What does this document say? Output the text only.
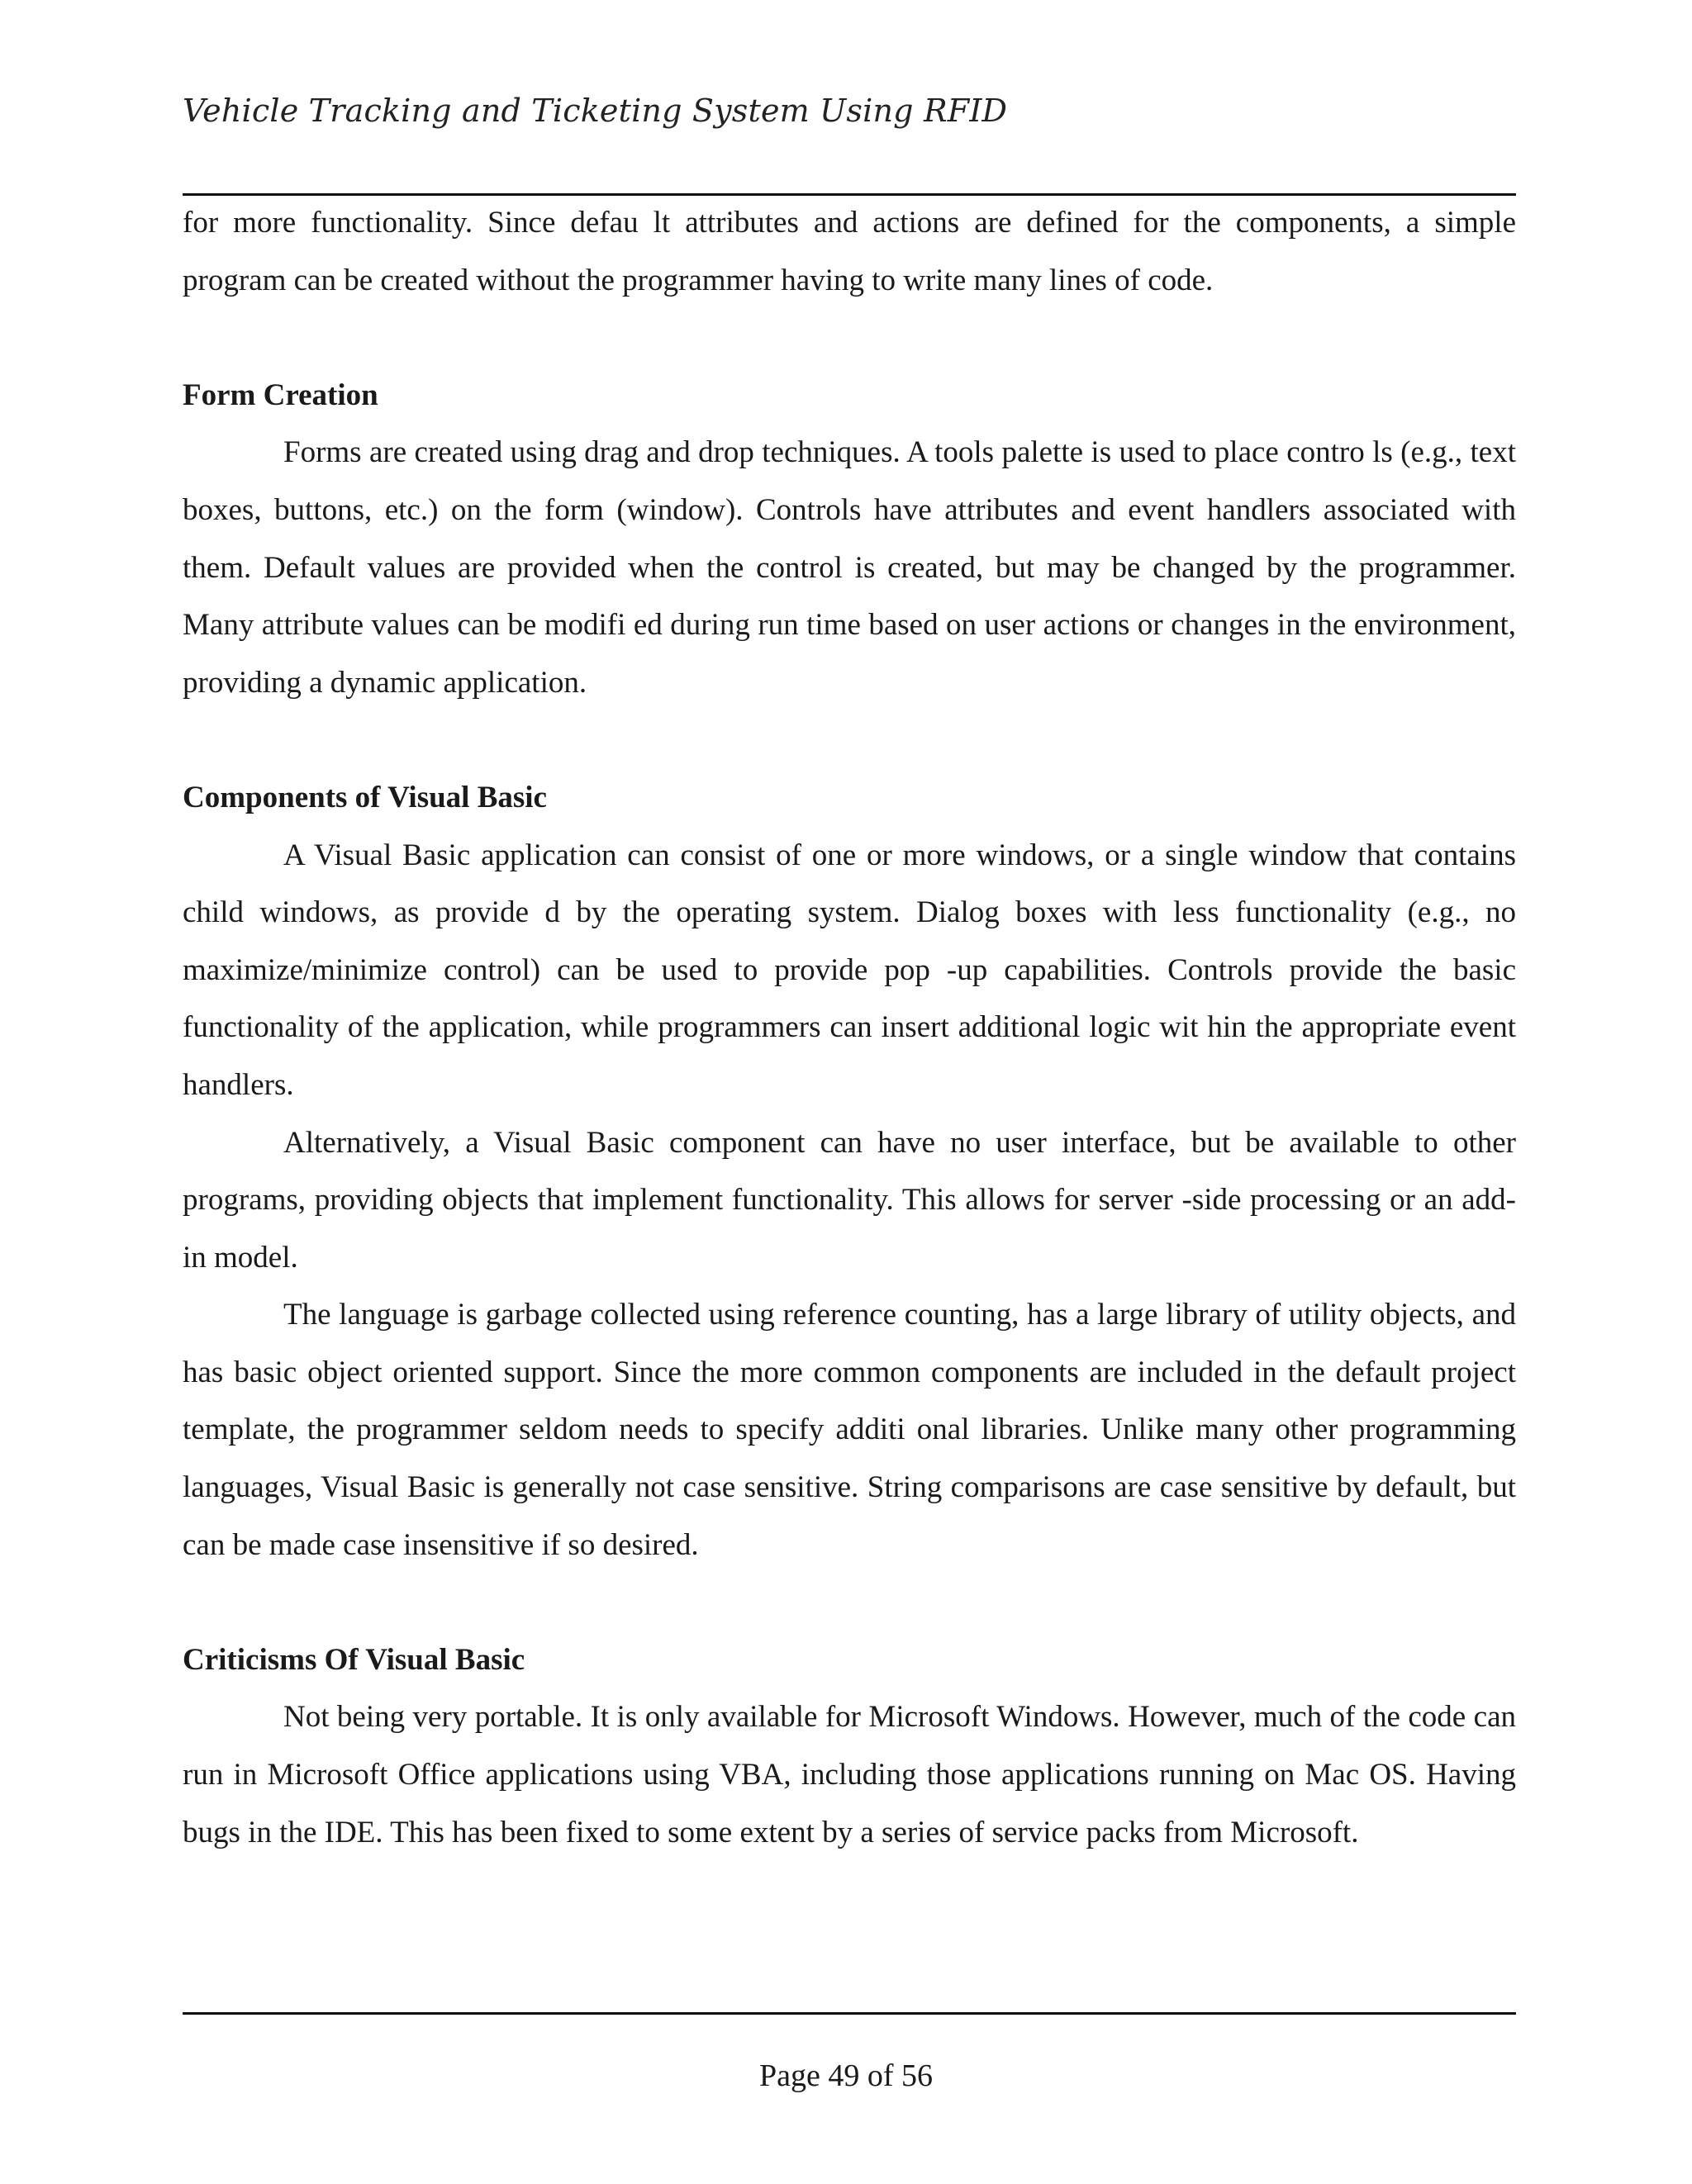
Vehicle Tracking and Ticketing System Using RFID

for more functionality. Since defau lt attributes and actions are defined for the components, a simple program can be created without the programmer having to write many lines of code.

Form Creation

Forms are created using drag and drop techniques. A tools palette is used to place contro ls (e.g., text boxes, buttons, etc.) on the form (window). Controls have attributes and event handlers associated with them. Default values are provided when the control is created, but may be changed by the programmer. Many attribute values can be modifi ed during run time based on user actions or changes in the environment, providing a dynamic application.

Components of Visual Basic

A Visual Basic application can consist of one or more windows, or a single window that contains child windows, as provide d by the operating system. Dialog boxes with less functionality (e.g., no maximize/minimize control) can be used to provide pop -up capabilities. Controls provide the basic functionality of the application, while programmers can insert additional logic wit hin the appropriate event handlers.

Alternatively, a Visual Basic component can have no user interface, but be available to other programs, providing objects that implement functionality. This allows for server -side processing or an add-in model.

The language is garbage collected using reference counting, has a large library of utility objects, and has basic object oriented support. Since the more common components are included in the default project template, the programmer seldom needs to specify additi onal libraries. Unlike many other programming languages, Visual Basic is generally not case sensitive. String comparisons are case sensitive by default, but can be made case insensitive if so desired.

Criticisms Of Visual Basic

Not being very portable. It is only available for Microsoft Windows. However, much of the code can run in Microsoft Office applications using VBA, including those applications running on Mac OS. Having bugs in the IDE. This has been fixed to some extent by a series of service packs from Microsoft.

Page 49 of 56
